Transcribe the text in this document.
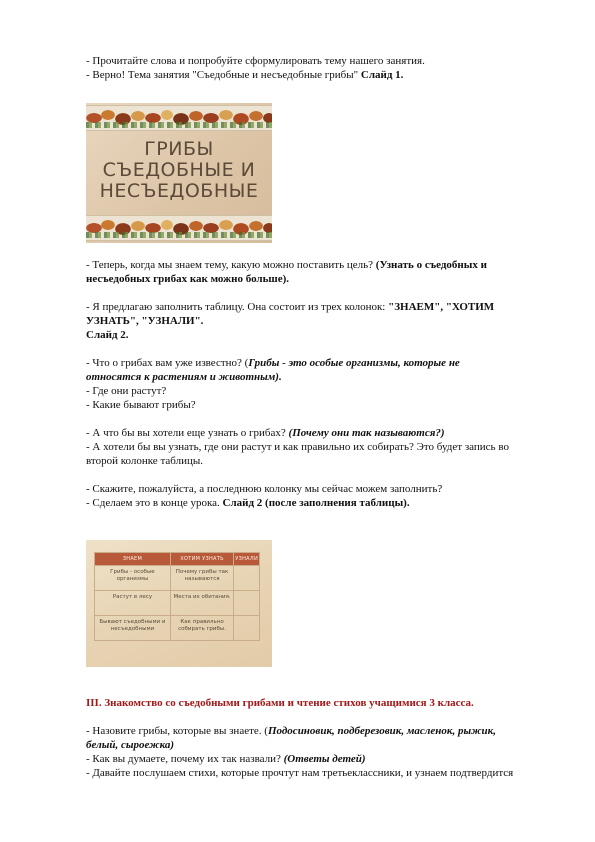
- Прочитайте слова и попробуйте сформулировать тему нашего занятия.
- Верно! Тема занятия "Съедобные и несъедобные грибы" Слайд 1.
ГРИБЫ
СЪЕДОБНЫЕ И
НЕСЪЕДОБНЫЕ
- Теперь, когда мы знаем тему, какую можно поставить цель? (Узнать о съедобных и
несъедобных грибах как можно больше).
- Я предлагаю заполнить таблицу. Она состоит из трех колонок: "ЗНАЕМ", "ХОТИМ
УЗНАТЬ", "УЗНАЛИ".
Слайд 2.
- Что о грибах вам уже известно? (Грибы - это особые организмы, которые не
относятся к растениям и животным).
- Где они растут?
- Какие бывают грибы?
- А что бы вы хотели еще узнать о грибах? (Почему они так называются?)
- А хотели бы вы узнать, где они растут и как правильно их собирать? Это будет запись во
второй колонке таблицы.
- Скажите, пожалуйста, а последнюю колонку мы сейчас можем заполнить?
- Сделаем это в конце урока. Слайд 2 (после заполнения таблицы).
ЗНАЕМ	ХОТИМ УЗНАТЬ	УЗНАЛИ
Грибы - особые организмы	Почему грибы так называются	
Растут в лесу	Места их обитания.	
Бывают съедобными и несъедобными	Как правильно собирать грибы.	
III. Знакомство со съедобными грибами и чтение стихов учащимися 3 класса.
- Назовите грибы, которые вы знаете. (Подосиновик, подберезовик, масленок, рыжик,
белый, сыроежка)
- Как вы думаете, почему их так назвали? (Ответы детей)
- Давайте послушаем стихи, которые прочтут нам третьеклассники, и узнаем подтвердится
